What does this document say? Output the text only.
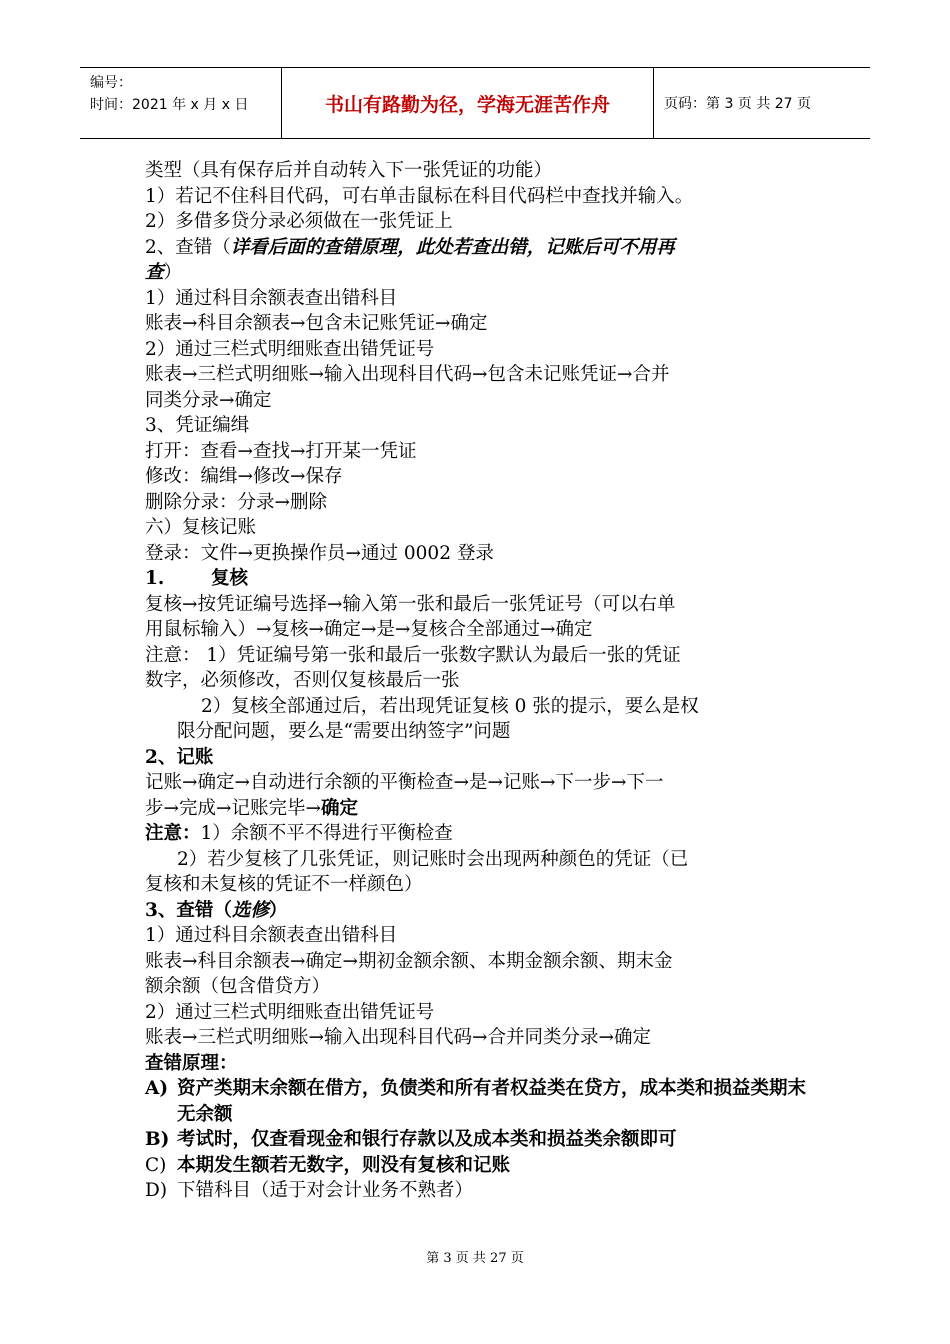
编号：
时间：2021 年 x 月 x 日	书山有路勤为径，学海无涯苦作舟	页码：第 3 页 共 27 页
类型（具有保存后并自动转入下一张凭证的功能）
1）若记不住科目代码，可右单击鼠标在科目代码栏中查找并输入。
2）多借多贷分录必须做在一张凭证上
2、查错（详看后面的查错原理，此处若查出错，记账后可不用再
查）
1）通过科目余额表查出错科目
账表→科目余额表→包含未记账凭证→确定
2）通过三栏式明细账查出错凭证号
账表→三栏式明细账→输入出现科目代码→包含未记账凭证→合并
同类分录→确定
3、凭证编缉
打开：查看→查找→打开某一凭证
修改：编缉→修改→保存
删除分录：分录→删除
六）复核记账
登录：文件→更换操作员→通过 0002 登录
1.	复核
复核→按凭证编号选择→输入第一张和最后一张凭证号（可以右单
用鼠标输入）→复核→确定→是→复核合全部通过→确定
注意： 1）凭证编号第一张和最后一张数字默认为最后一张的凭证
数字，必须修改，否则仅复核最后一张
2）复核全部通过后，若出现凭证复核 0 张的提示，要么是权
限分配问题，要么是“需要出纳签字”问题
2、记账
记账→确定→自动进行余额的平衡检查→是→记账→下一步→下一
步→完成→记账完毕→确定
注意：1）余额不平不得进行平衡检查
2）若少复核了几张凭证，则记账时会出现两种颜色的凭证（已
复核和未复核的凭证不一样颜色）
3、查错（选修）
1）通过科目余额表查出错科目
账表→科目余额表→确定→期初金额余额、本期金额余额、期末金
额余额（包含借贷方）
2）通过三栏式明细账查出错凭证号
账表→三栏式明细账→输入出现科目代码→合并同类分录→确定
查错原理：
A) 资产类期末余额在借方，负债类和所有者权益类在贷方，成本类和损益类期末无余额
B) 考试时，仅查看现金和银行存款以及成本类和损益类余额即可
C) 本期发生额若无数字，则没有复核和记账
D) 下错科目（适于对会计业务不熟者）
第 3 页 共 27 页
